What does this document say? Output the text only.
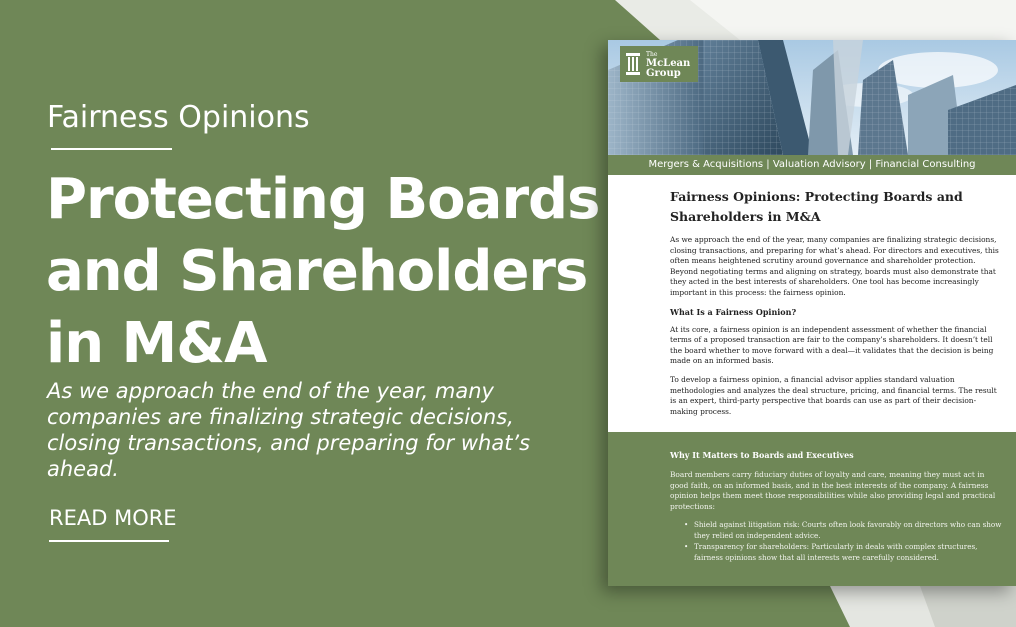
Fairness Opinions
Protecting Boards and Shareholders in M&A

As we approach the end of the year, many companies are finalizing strategic decisions, closing transactions, and preparing for what’s ahead.

READ MORE
The
McLean
Group
Mergers & Acquisitions | Valuation Advisory | Financial Consulting
Fairness Opinions: Protecting Boards and Shareholders in M&A

As we approach the end of the year, many companies are finalizing strategic decisions, closing transactions, and preparing for what’s ahead. For directors and executives, this often means heightened scrutiny around governance and shareholder protection. Beyond negotiating terms and aligning on strategy, boards must also demonstrate that they acted in the best interests of shareholders. One tool has become increasingly important in this process: the fairness opinion.

What Is a Fairness Opinion?

At its core, a fairness opinion is an independent assessment of whether the financial terms of a proposed transaction are fair to the company’s shareholders. It doesn’t tell the board whether to move forward with a deal—it validates that the decision is being made on an informed basis.

To develop a fairness opinion, a financial advisor applies standard valuation methodologies and analyzes the deal structure, pricing, and financial terms. The result is an expert, third-party perspective that boards can use as part of their decision-making process.

Why It Matters to Boards and Executives

Board members carry fiduciary duties of loyalty and care, meaning they must act in good faith, on an informed basis, and in the best interests of the company. A fairness opinion helps them meet those responsibilities while also providing legal and practical protections:

• Shield against litigation risk: Courts often look favorably on directors who can show they relied on independent advice.
• Transparency for shareholders: Particularly in deals with complex structures, fairness opinions show that all interests were carefully considered.
